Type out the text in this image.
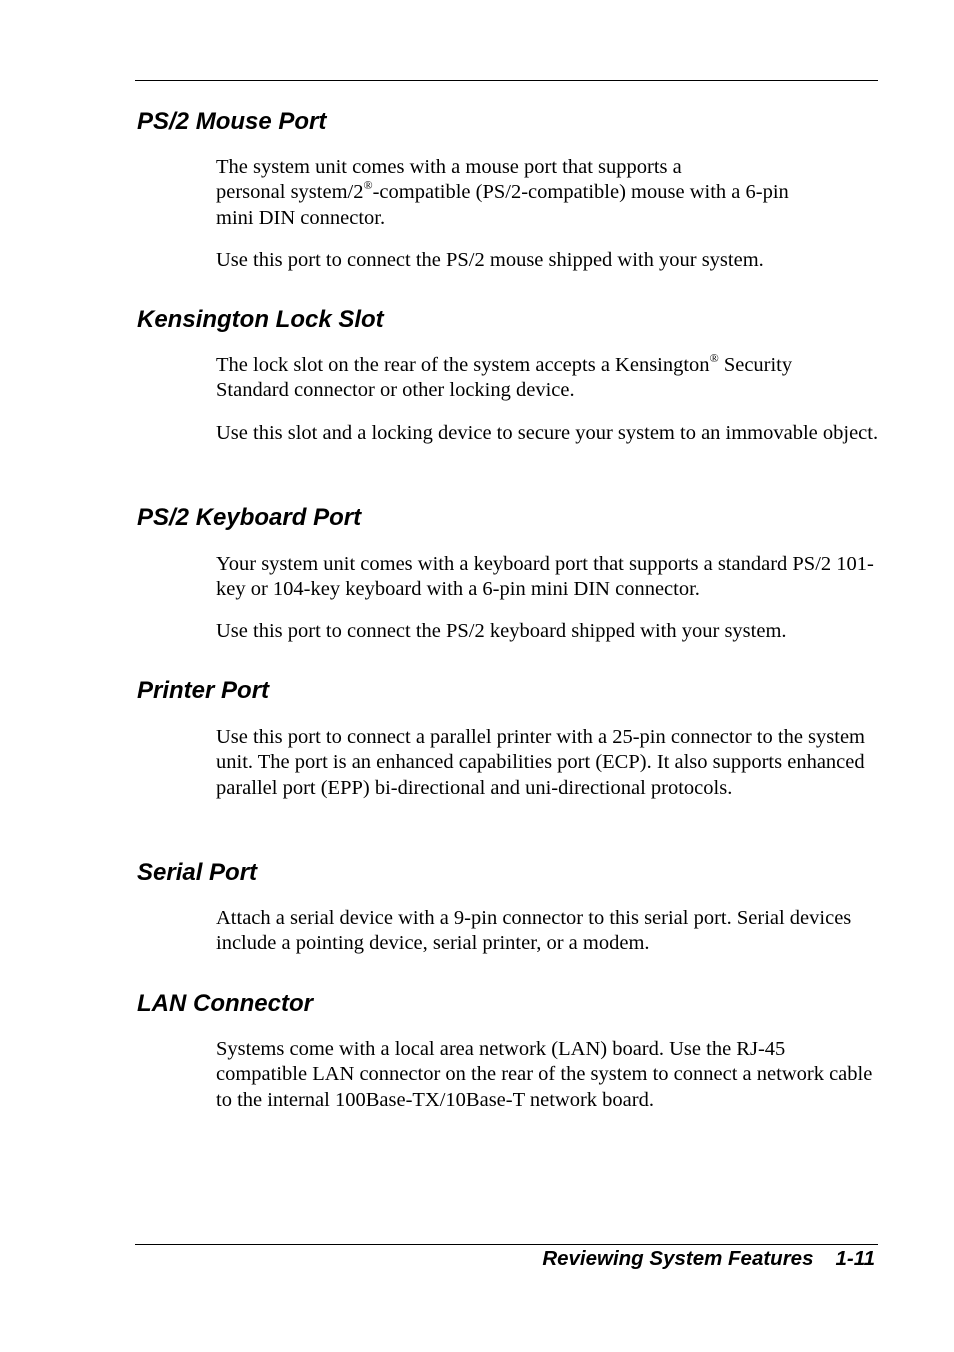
PS/2 Mouse Port

The system unit comes with a mouse port that supports a
personal system/2®-compatible (PS/2-compatible) mouse with a 6-pin
mini DIN connector.

Use this port to connect the PS/2 mouse shipped with your system.

Kensington Lock Slot

The lock slot on the rear of the system accepts a Kensington® Security
Standard connector or other locking device.

Use this slot and a locking device to secure your system to an immovable object.

PS/2 Keyboard Port

Your system unit comes with a keyboard port that supports a standard PS/2 101-key or 104-key keyboard with a 6-pin mini DIN connector.

Use this port to connect the PS/2 keyboard shipped with your system.

Printer Port

Use this port to connect a parallel printer with a 25-pin connector to the system unit. The port is an enhanced capabilities port (ECP). It also supports enhanced parallel port (EPP) bi-directional and uni-directional protocols.

Serial Port

Attach a serial device with a 9-pin connector to this serial port. Serial devices include a pointing device, serial printer, or a modem.

LAN Connector

Systems come with a local area network (LAN) board. Use the RJ-45 compatible LAN connector on the rear of the system to connect a network cable to the internal 100Base-TX/10Base-T network board.

Reviewing System Features 1-11
